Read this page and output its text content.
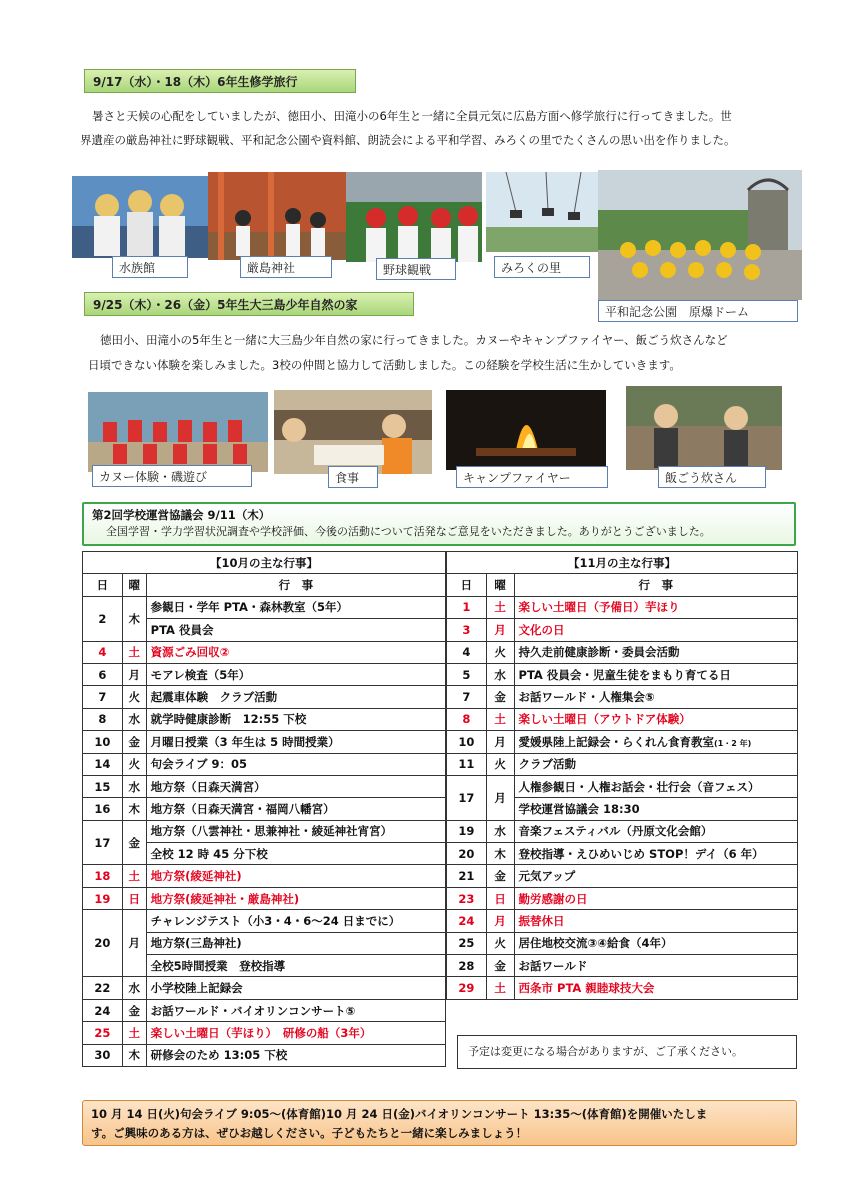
9/17（水）・18（木）6年生修学旅行
暑さと天候の心配をしていましたが、徳田小、田滝小の6年生と一緒に全員元気に広島方面へ修学旅行に行ってきました。世
界遺産の厳島神社に野球観戦、平和記念公園や資料館、朗読会による平和学習、みろくの里でたくさんの思い出を作りました。
水族館	厳島神社	野球観戦	みろくの里
平和記念公園　原爆ドーム
9/25（木）・26（金）5年生大三島少年自然の家
徳田小、田滝小の5年生と一緒に大三島少年自然の家に行ってきました。カヌーやキャンプファイヤー、飯ごう炊さんなど
日頃できない体験を楽しみました。3校の仲間と協力して活動しました。この経験を学校生活に生かしていきます。
カヌー体験・磯遊び	食事	キャンプファイヤー	飯ごう炊さん
第2回学校運営協議会 9/11（木）
全国学習・学力学習状況調査や学校評価、今後の活動について活発なご意見をいただきました。ありがとうございました。
【10月の主な行事】		
日	曜	行　事
2	木	参観日・学年 PTA・森林教室（5年）
		PTA 役員会
4	土	資源ごみ回収②
6	月	モアレ検査（5年）
7	火	起震車体験　クラブ活動
8	水	就学時健康診断　12:55 下校
10	金	月曜日授業（3 年生は 5 時間授業）
14	火	句会ライブ 9：05
15	水	地方祭（日森天満宮）
16	木	地方祭（日森天満宮・福岡八幡宮）
17	金	地方祭（八雲神社・思兼神社・綾延神社宵宮）
		全校 12 時 45 分下校
18	土	地方祭(綾延神社)
19	日	地方祭(綾延神社・厳島神社)
20	月	チャレンジテスト（小3・4・6～24 日までに）
		地方祭(三島神社)
		全校5時間授業　登校指導
22	水	小学校陸上記録会
24	金	お話ワールド・バイオリンコンサート⑤
25	土	楽しい土曜日（芋ほり）　研修の船（3年）
30	木	研修会のため 13:05 下校
【11月の主な行事】		
日	曜	行　事
1	土	楽しい土曜日（予備日）芋ほり
3	月	文化の日
4	火	持久走前健康診断・委員会活動
5	水	PTA 役員会・児童生徒をまもり育てる日
7	金	お話ワールド・人権集会⑤
8	土	楽しい土曜日（アウトドア体験）
10	月	愛媛県陸上記録会・らくれん食育教室(1・2 年)
11	火	クラブ活動
17	月	人権参観日・人権お話会・壮行会（音フェス）
		学校運営協議会 18:30
19	水	音楽フェスティバル（丹原文化会館）
20	木	登校指導・えひめいじめ STOP！デイ（6 年）
21	金	元気アップ
23	日	勤労感謝の日
24	月	振替休日
25	火	居住地校交流③④給食（4年）
28	金	お話ワールド
29	土	西条市 PTA 親睦球技大会
予定は変更になる場合がありますが、ご了承ください。
10 月 14 日(火)句会ライブ 9:05～(体育館)10 月 24 日(金)バイオリンコンサート 13:35～(体育館)を開催いたしま
す。ご興味のある方は、ぜひお越しください。子どもたちと一緒に楽しみましょう！
